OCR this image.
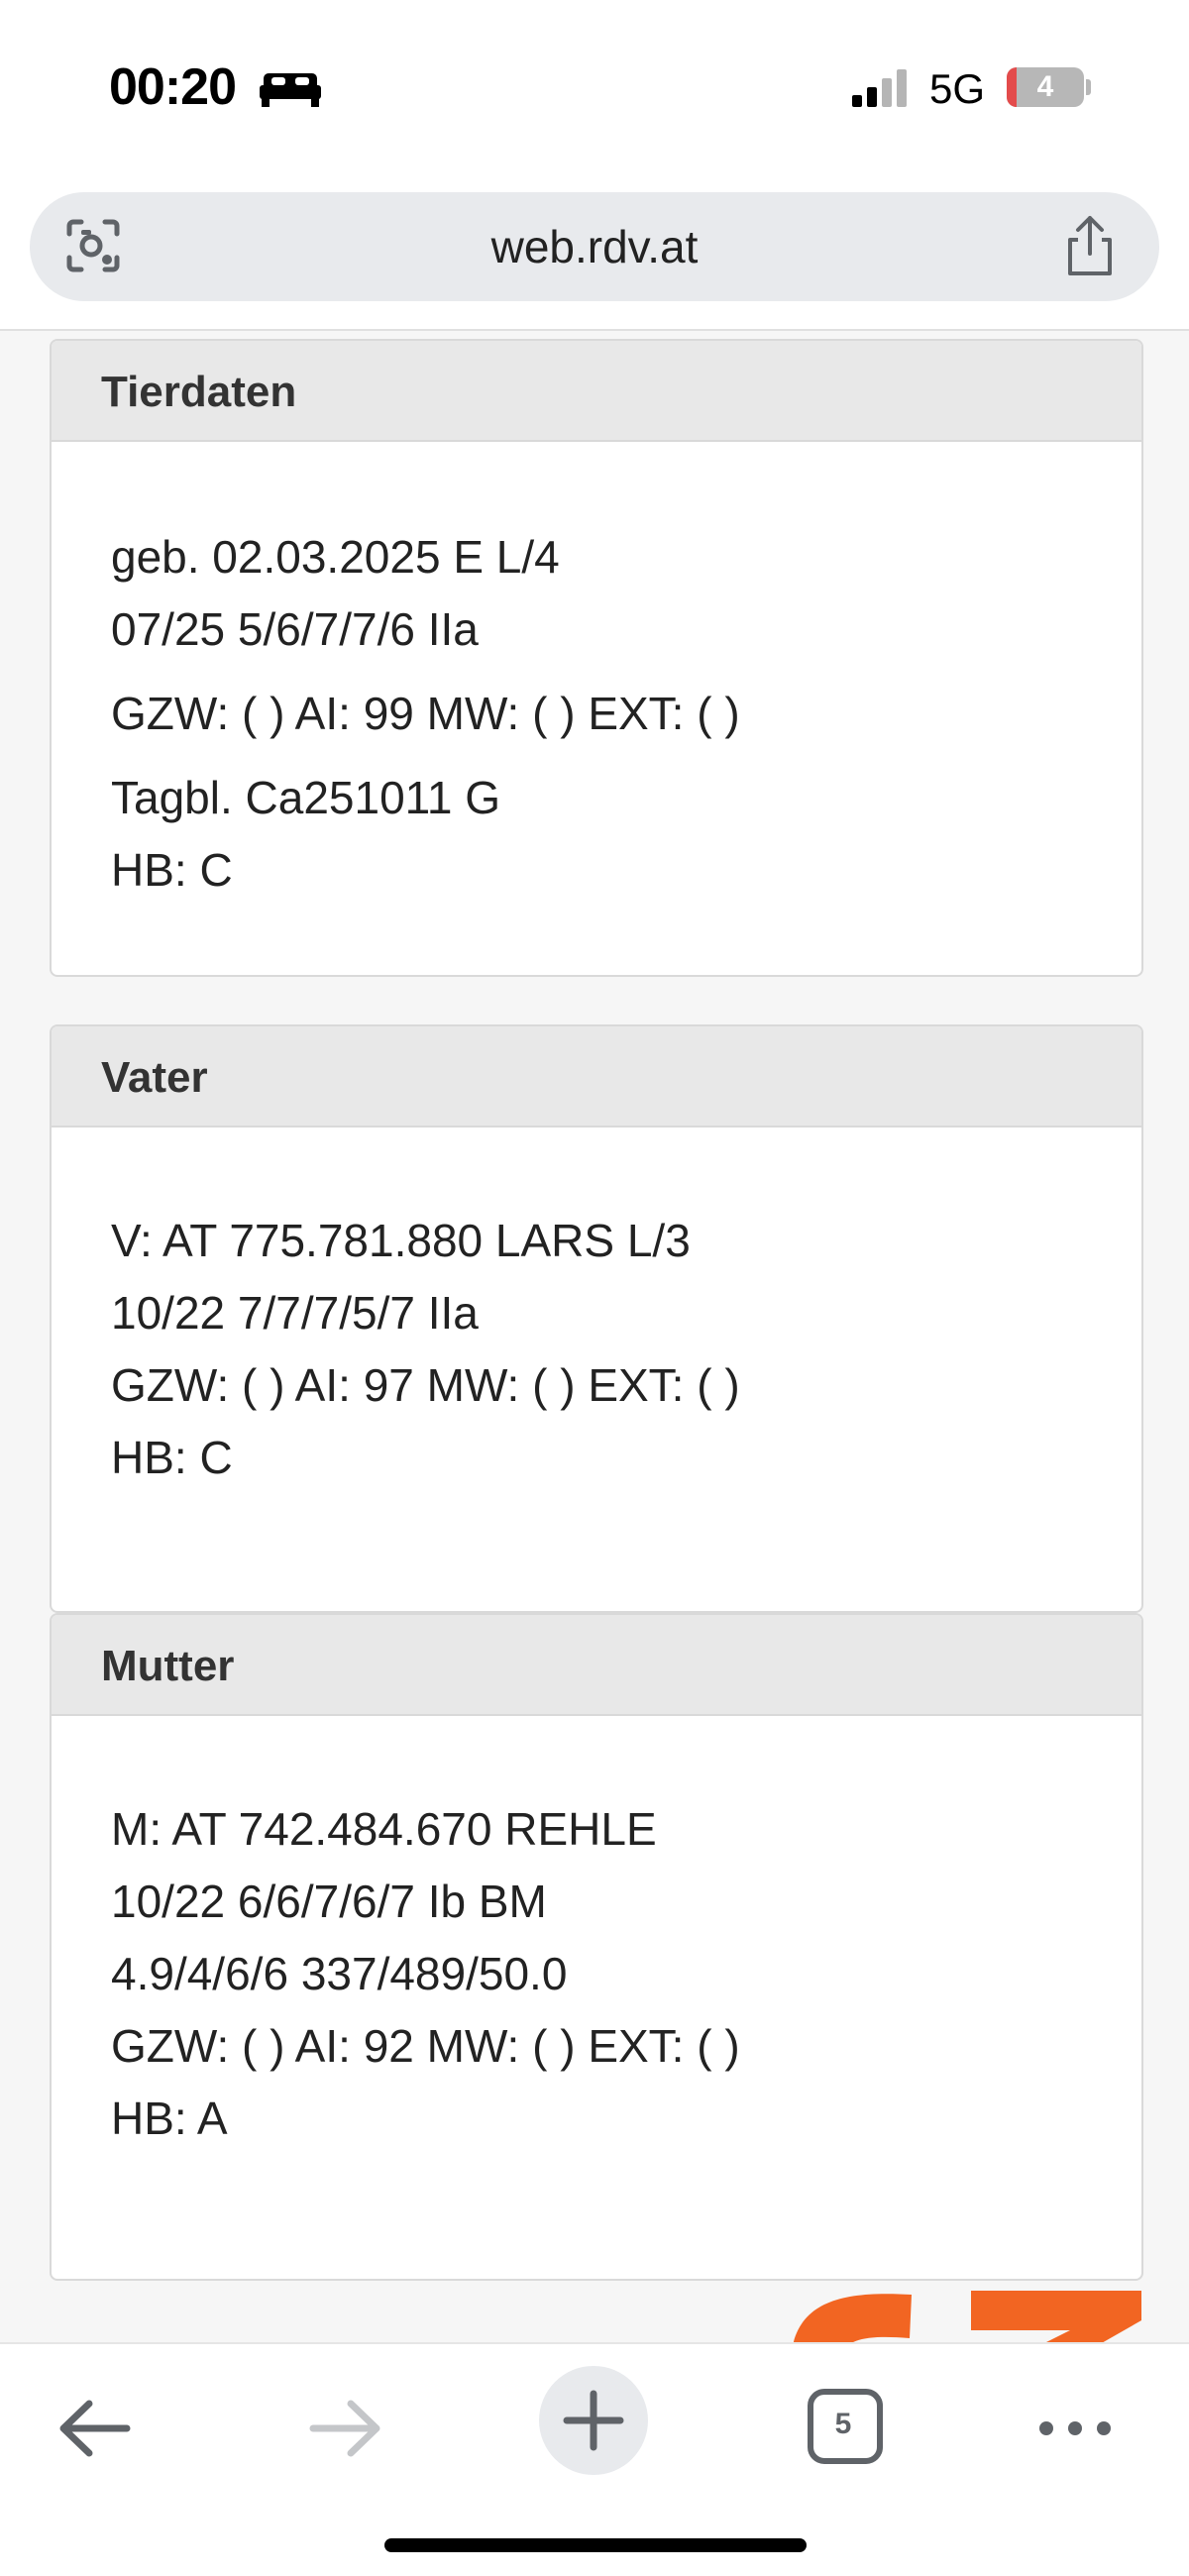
00:20	5G	4
web.rdv.at
Tierdaten
geb. 02.03.2025 E L/4
07/25 5/6/7/7/6 IIa
GZW: ( ) AI: 99 MW: ( ) EXT: ( )
Tagbl. Ca251011 G
HB: C
Vater
V: AT 775.781.880 LARS L/3
10/22 7/7/7/5/7 IIa
GZW: ( ) AI: 97 MW: ( ) EXT: ( )
HB: C
Mutter
M: AT 742.484.670 REHLE
10/22 6/6/7/6/7 Ib BM
4.9/4/6/6 337/489/50.0
GZW: ( ) AI: 92 MW: ( ) EXT: ( )
HB: A
5
